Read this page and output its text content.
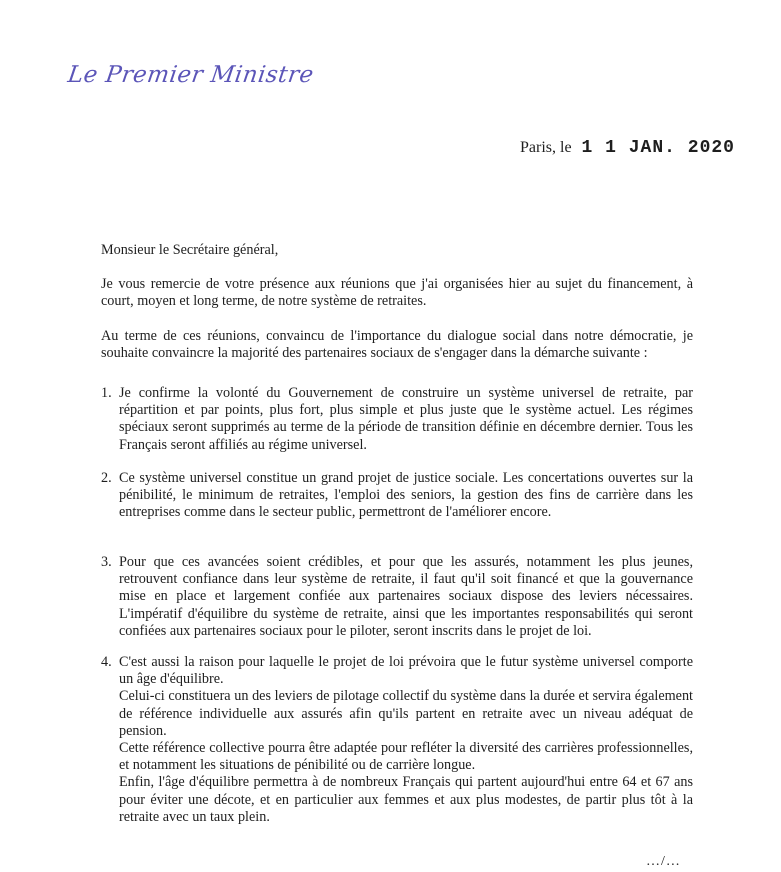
Le Premier Ministre
Paris, le 1 1 JAN. 2020
Monsieur le Secrétaire général,
Je vous remercie de votre présence aux réunions que j'ai organisées hier au sujet du financement, à court, moyen et long terme, de notre système de retraites.
Au terme de ces réunions, convaincu de l'importance du dialogue social dans notre démocratie, je souhaite convaincre la majorité des partenaires sociaux de s'engager dans la démarche suivante :
1. Je confirme la volonté du Gouvernement de construire un système universel de retraite, par répartition et par points, plus fort, plus simple et plus juste que le système actuel. Les régimes spéciaux seront supprimés au terme de la période de transition définie en décembre dernier. Tous les Français seront affiliés au régime universel.
2. Ce système universel constitue un grand projet de justice sociale. Les concertations ouvertes sur la pénibilité, le minimum de retraites, l'emploi des seniors, la gestion des fins de carrière dans les entreprises comme dans le secteur public, permettront de l'améliorer encore.
3. Pour que ces avancées soient crédibles, et pour que les assurés, notamment les plus jeunes, retrouvent confiance dans leur système de retraite, il faut qu'il soit financé et que la gouvernance mise en place et largement confiée aux partenaires sociaux dispose des leviers nécessaires. L'impératif d'équilibre du système de retraite, ainsi que les importantes responsabilités qui seront confiées aux partenaires sociaux pour le piloter, seront inscrits dans le projet de loi.
4. C'est aussi la raison pour laquelle le projet de loi prévoira que le futur système universel comporte un âge d'équilibre.

Celui-ci constituera un des leviers de pilotage collectif du système dans la durée et servira également de référence individuelle aux assurés afin qu'ils partent en retraite avec un niveau adéquat de pension.

Cette référence collective pourra être adaptée pour refléter la diversité des carrières professionnelles, et notamment les situations de pénibilité ou de carrière longue.

Enfin, l'âge d'équilibre permettra à de nombreux Français qui partent aujourd'hui entre 64 et 67 ans pour éviter une décote, et en particulier aux femmes et aux plus modestes, de partir plus tôt à la retraite avec un taux plein.

…/…
